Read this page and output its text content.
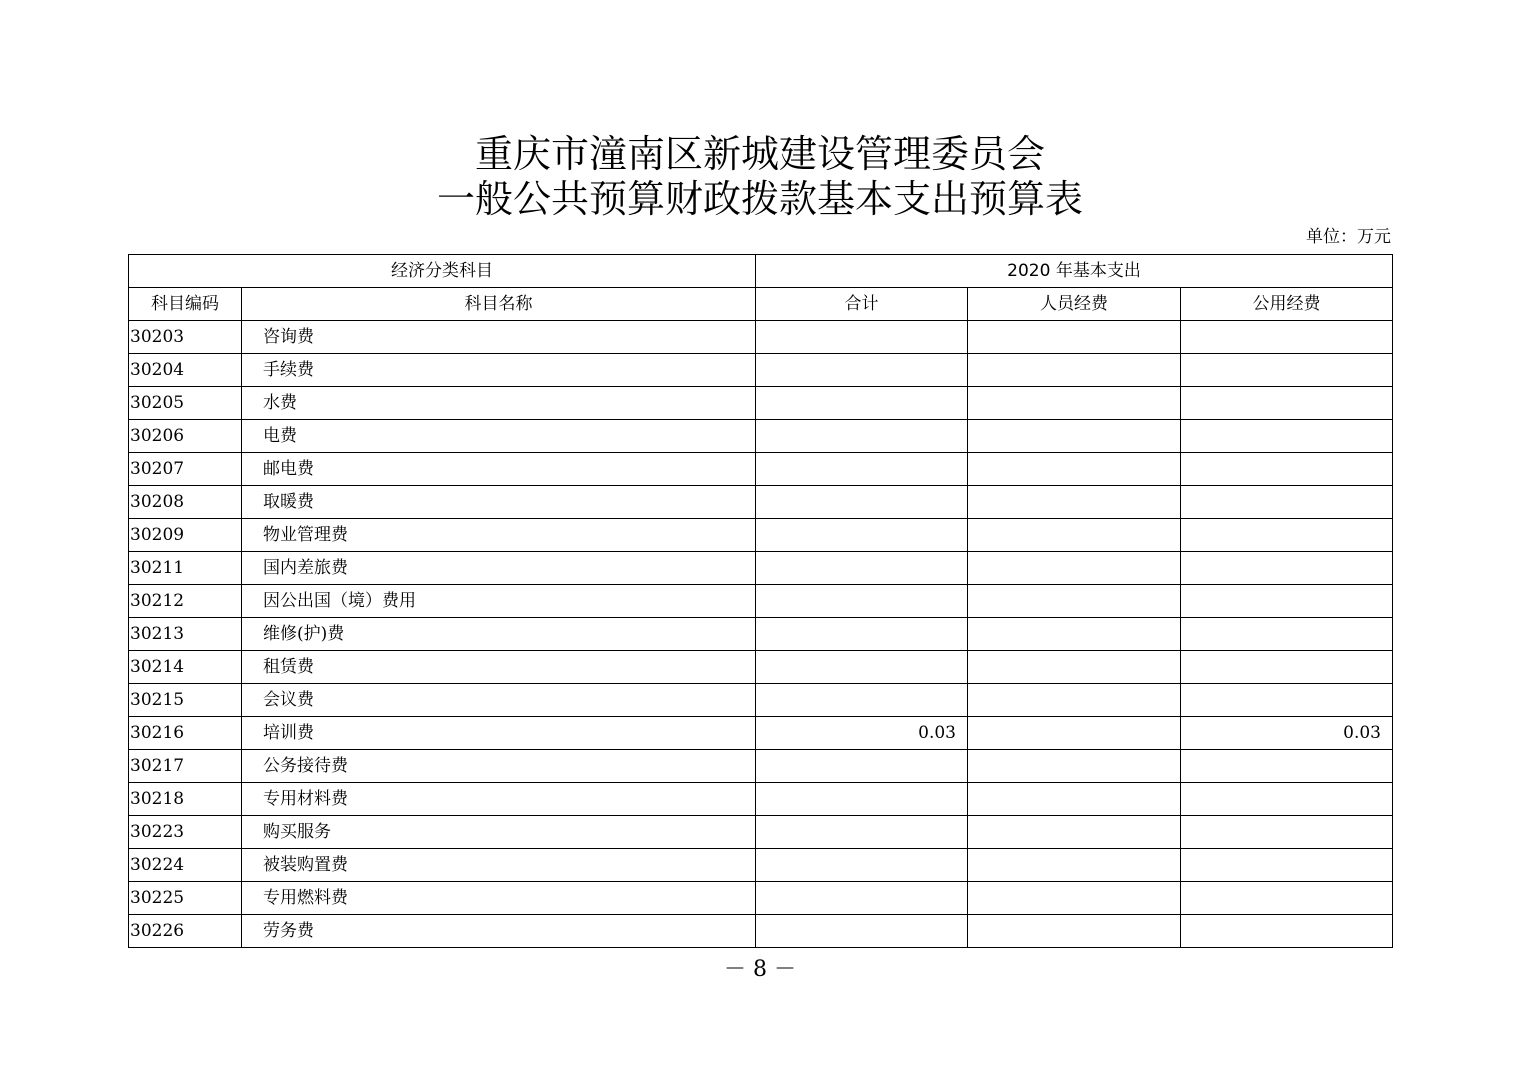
重庆市潼南区新城建设管理委员会
一般公共预算财政拨款基本支出预算表
单位：万元
经济分类科目		2020 年基本支出		
科目编码	科目名称	合计	人员经费	公用经费
30203	咨询费			
30204	手续费			
30205	水费			
30206	电费			
30207	邮电费			
30208	取暖费			
30209	物业管理费			
30211	国内差旅费			
30212	因公出国（境）费用			
30213	维修(护)费			
30214	租赁费			
30215	会议费			
30216	培训费	0.03		0.03
30217	公务接待费			
30218	专用材料费			
30223	购买服务			
30224	被装购置费			
30225	专用燃料费			
30226	劳务费			
－ 8 －
